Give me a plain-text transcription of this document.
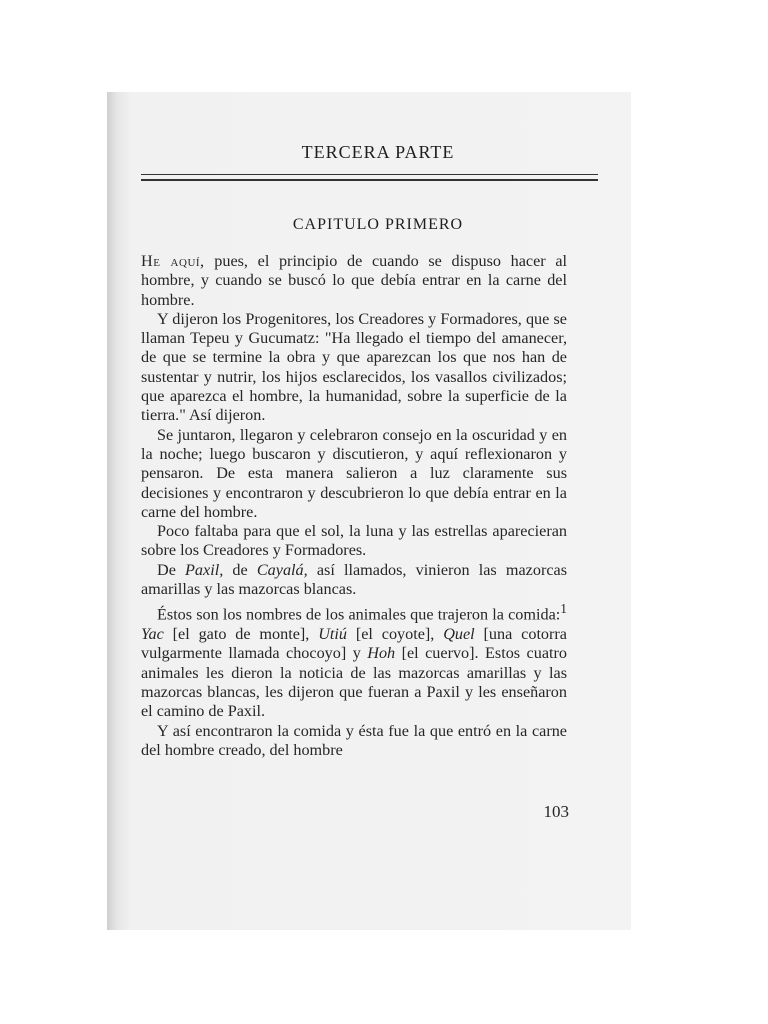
TERCERA PARTE
CAPITULO PRIMERO

He aquí, pues, el principio de cuando se dispuso hacer al hombre, y cuando se buscó lo que debía entrar en la carne del hombre.

Y dijeron los Progenitores, los Creadores y Formadores, que se llaman Tepeu y Gucumatz: "Ha llegado el tiempo del amanecer, de que se termine la obra y que aparezcan los que nos han de sustentar y nutrir, los hijos esclarecidos, los vasallos civilizados; que aparezca el hombre, la humanidad, sobre la superficie de la tierra." Así dijeron.

Se juntaron, llegaron y celebraron consejo en la oscuridad y en la noche; luego buscaron y discutieron, y aquí reflexionaron y pensaron. De esta manera salieron a luz claramente sus decisiones y encontraron y descubrieron lo que debía entrar en la carne del hombre.

Poco faltaba para que el sol, la luna y las estrellas aparecieran sobre los Creadores y Formadores.

De Paxil, de Cayalá, así llamados, vinieron las mazorcas amarillas y las mazorcas blancas.

Éstos son los nombres de los animales que trajeron la comida:$^1$ Yac [el gato de monte], Utiú [el coyote], Quel [una cotorra vulgarmente llamada chocoyo] y Hoh [el cuervo]. Estos cuatro animales les dieron la noticia de las mazorcas amarillas y las mazorcas blancas, les dijeron que fueran a Paxil y les enseñaron el camino de Paxil.

Y así encontraron la comida y ésta fue la que entró en la carne del hombre creado, del hombre

103
